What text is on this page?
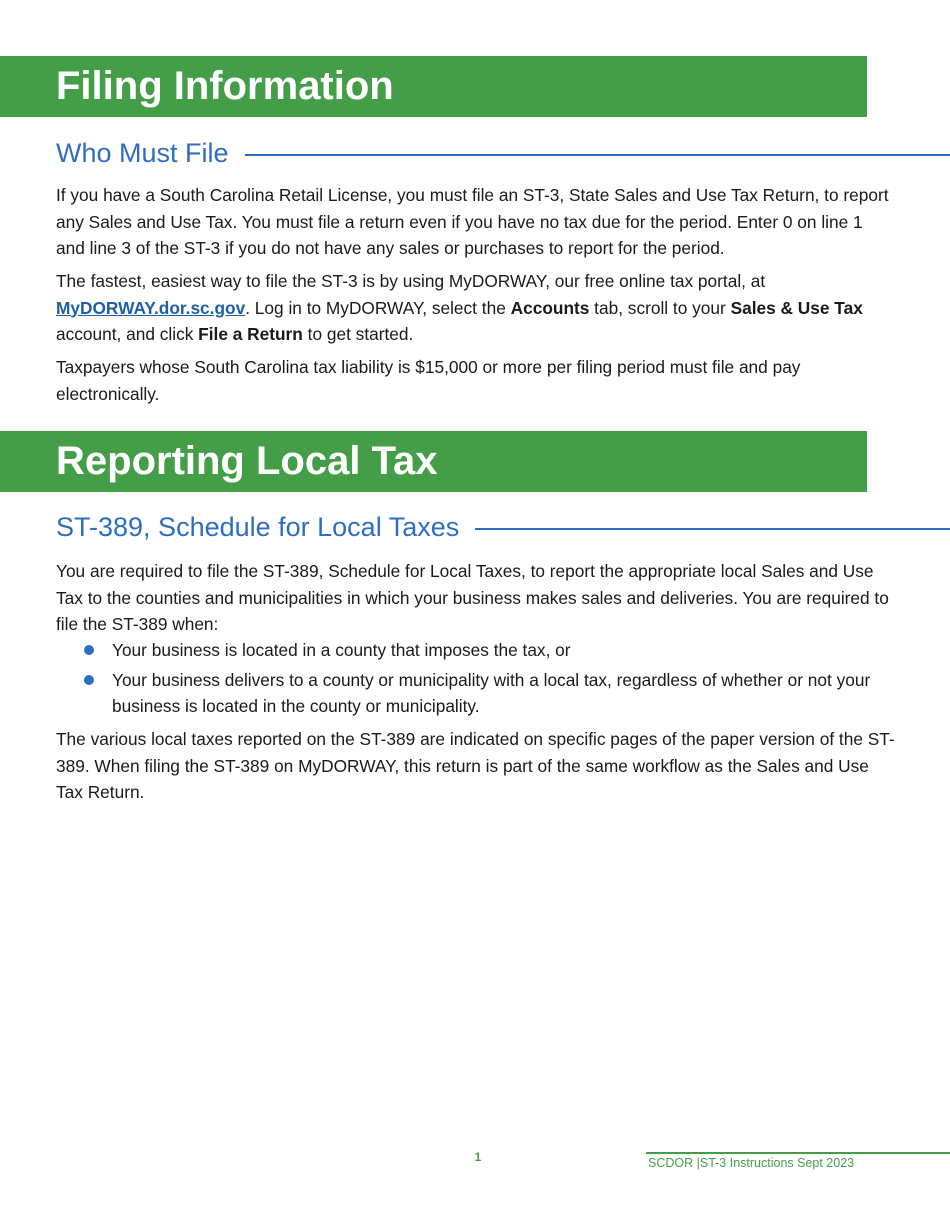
Filing Information
Who Must File

If you have a South Carolina Retail License, you must file an ST-3, State Sales and Use Tax Return, to report any Sales and Use Tax. You must file a return even if you have no tax due for the period. Enter 0 on line 1 and line 3 of the ST-3 if you do not have any sales or purchases to report for the period.

The fastest, easiest way to file the ST-3 is by using MyDORWAY, our free online tax portal, at MyDORWAY.dor.sc.gov. Log in to MyDORWAY, select the Accounts tab, scroll to your Sales & Use Tax account, and click File a Return to get started.

Taxpayers whose South Carolina tax liability is $15,000 or more per filing period must file and pay electronically.

Reporting Local Tax
ST-389, Schedule for Local Taxes

You are required to file the ST-389, Schedule for Local Taxes, to report the appropriate local Sales and Use Tax to the counties and municipalities in which your business makes sales and deliveries. You are required to file the ST-389 when:

Your business is located in a county that imposes the tax, or
Your business delivers to a county or municipality with a local tax, regardless of whether or not your business is located in the county or municipality.

The various local taxes reported on the ST-389 are indicated on specific pages of the paper version of the ST-389. When filing the ST-389 on MyDORWAY, this return is part of the same workflow as the Sales and Use Tax Return.

1	SCDOR |ST-3 Instructions Sept 2023
